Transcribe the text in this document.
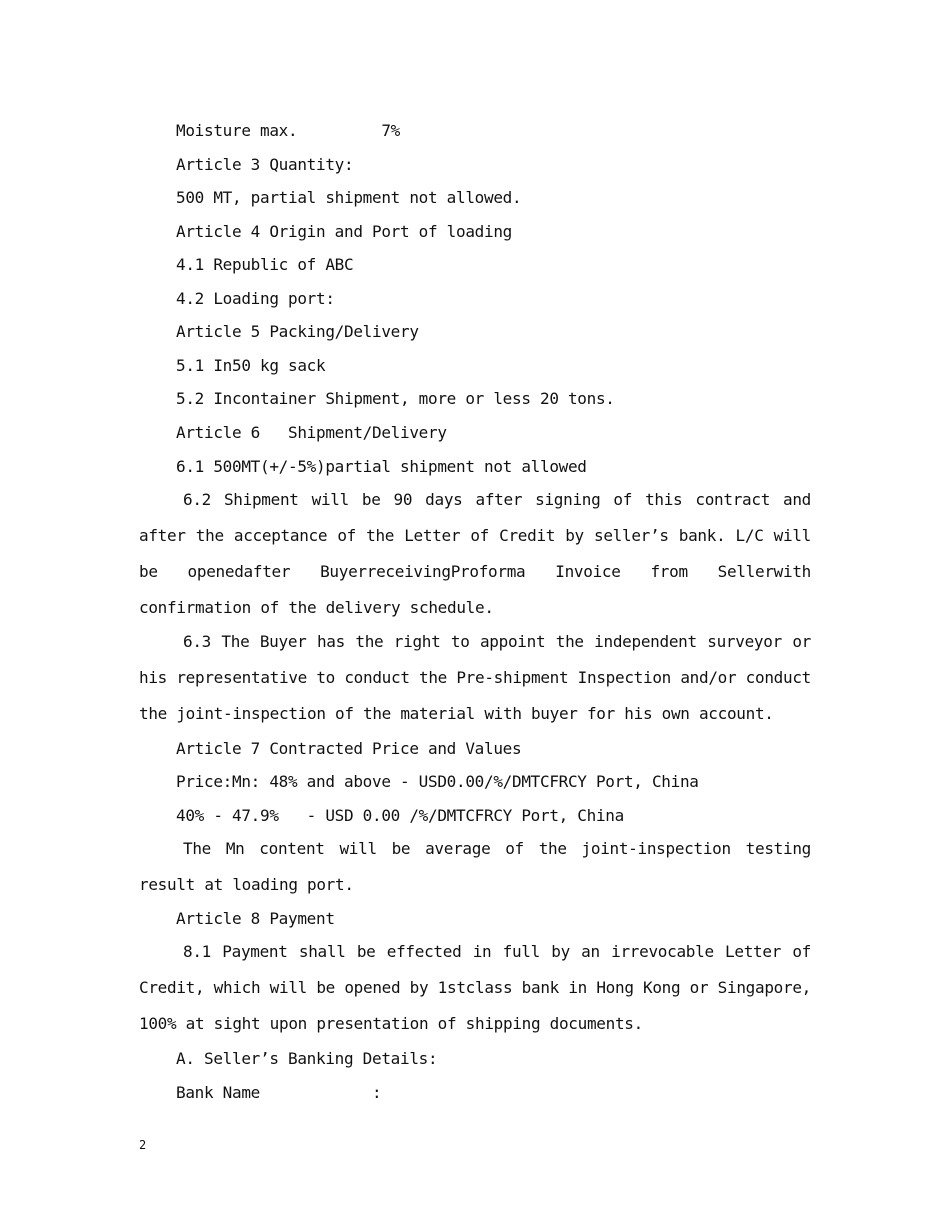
Moisture max.         7%
Article 3 Quantity:
500 MT, partial shipment not allowed.
Article 4 Origin and Port of loading
4.1 Republic of ABC
4.2 Loading port:
Article 5 Packing/Delivery
5.1 In50 kg sack
5.2 Incontainer Shipment, more or less 20 tons.
Article 6   Shipment/Delivery
6.1 500MT(+/-5%)partial shipment not allowed
6.2 Shipment will be 90 days after signing of this contract and after the acceptance of the Letter of Credit by seller’s bank. L/C will be openedafter BuyerreceivingProforma Invoice from Sellerwith confirmation of the delivery schedule.
6.3 The Buyer has the right to appoint the independent surveyor or his representative to conduct the Pre-shipment Inspection and/or conduct the joint-inspection of the material with buyer for his own account.
Article 7 Contracted Price and Values
Price:Mn: 48% and above - USD0.00/%/DMTCFRCY Port, China
40% - 47.9%   - USD 0.00 /%/DMTCFRCY Port, China
The Mn content will be average of the joint-inspection testing result at loading port.
Article 8 Payment
8.1 Payment shall be effected in full by an irrevocable Letter of Credit, which will be opened by 1stclass bank in Hong Kong or Singapore, 100% at sight upon presentation of shipping documents.
A. Seller’s Banking Details:
Bank Name            :
2
